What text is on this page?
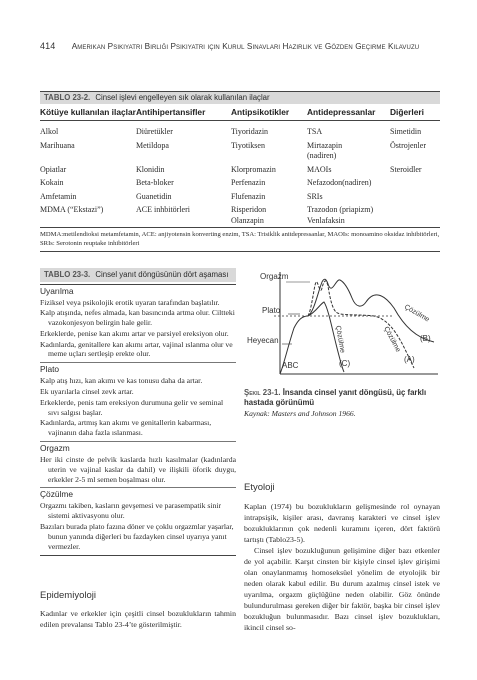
414 Amerikan Psikiyatri Birliği Psikiyatri için Kurul Sınavları Hazırlık ve Gözden Geçirme Kılavuzu
TABLO 23-2. Cinsel işlevi engelleyen sık olarak kullanılan ilaçlar
Kötüye kullanılan ilaçlar	Antihipertansifler	Antipsikotikler	Antidepressanlar	Diğerleri
Alkol	Diüretükler	Tiyoridazin	TSA	Simetidin
Marihuana	Metildopa	Tiyotiksen	Mirtazapin (nadiren)	Östrojenler
Opiatlar	Klonidin	Klorpromazin	MAOIs	Steroidler
Kokain	Beta-bloker	Perfenazin	Nefazodon(nadiren)	
Amfetamin	Guanetidin	Flufenazin	SRIs	
MDMA (“Ekstazi”)	ACE inhbitörleri	Risperidon Olanzapin	Trazodon (priapizm) Venlafaksin	
MDMA:metilendioksi metamfetamin, ACE: anjiyotensin konverting enzim, TSA: Trisiklik anitdepressanlar, MAOIs: monoamino oksidaz inhibitörleri, SRIs: Serotonin reuptake inhibitörleri
TABLO 23-3. Cinsel yanıt döngüsünün dört aşaması
Uyarılma
Fiziksel veya psikolojik erotik uyaran tarafından başlatılır.
Kalp atışında, nefes almada, kan basıncında artma olur. Ciltteki vazokonjesyon belirgin hale gelir.
Erkeklerde, penise kan akımı artar ve parsiyel ereksiyon olur.
Kadınlarda, genitallere kan akımı artar, vajinal ıslanma olur ve meme uçları sertleşip erekte olur.
Plato
Kalp atış hızı, kan akımı ve kas tonusu daha da artar.
Ek uyarılarla cinsel zevk artar.
Erkeklerde, penis tam ereksiyon durumuna gelir ve seminal sıvı salgısı başlar.
Kadınlarda, artmış kan akımı ve genitallerin kabarması, vajinanın daha fazla ıslanması.
Orgazm
Her iki cinste de pelvik kaslarda hızlı kasılmalar (kadınlarda uterin ve vajinal kaslar da dahil) ve ilişkili öforik duygu, erkekler 2-5 ml semen boşalması olur.
Çözülme
Orgazmı takiben, kasların gevşemesi ve parasempatik sinir sistemi aktivasyonu olur.
Bazıları burada plato fazına döner ve çoklu orgazmlar yaşarlar, bunun yanında diğerleri bu fazdayken cinsel uyarıya yanıt vermezler.
Epidemiyoloji
Kadınlar ve erkekler için çeşitli cinsel bozuklukların tahmin edilen prevalansı Tablo 23-4’te gösterilmiştir.
Orgazm
Plato
Heyecan
ABC	(C)	(A)
(B)
Çözülme	Çözülme
Çözülme
Şekil 23-1. İnsanda cinsel yanıt döngüsü, üç farklı hastada görünümü
Kaynak: Masters and Johnson 1966.
Etyoloji
Kaplan (1974) bu bozuklukların gelişmesinde rol oynayan intrapsişik, kişiler arası, davranış karakteri ve cinsel işlev bozukluklarının çok nedenli kuramını içeren, dört faktörü tartıştı (Tablo23-5).
Cinsel işlev bozukluğunun gelişimine diğer bazı etkenler de yol açabilir. Karşıt cinsten bir kişiyle cinsel işlev girişimi olan onaylanmamış homoseksüel yönelim de etyolojik bir neden olarak kabul edilir. Bu durum azalmış cinsel istek ve uyarılma, orgazm güçlüğüne neden olabilir. Göz önünde bulundurulması gereken diğer bir faktör, başka bir cinsel işlev bozukluğun bulunmasıdır. Bazı cinsel işlev bozuklukları, ikincil cinsel so-
